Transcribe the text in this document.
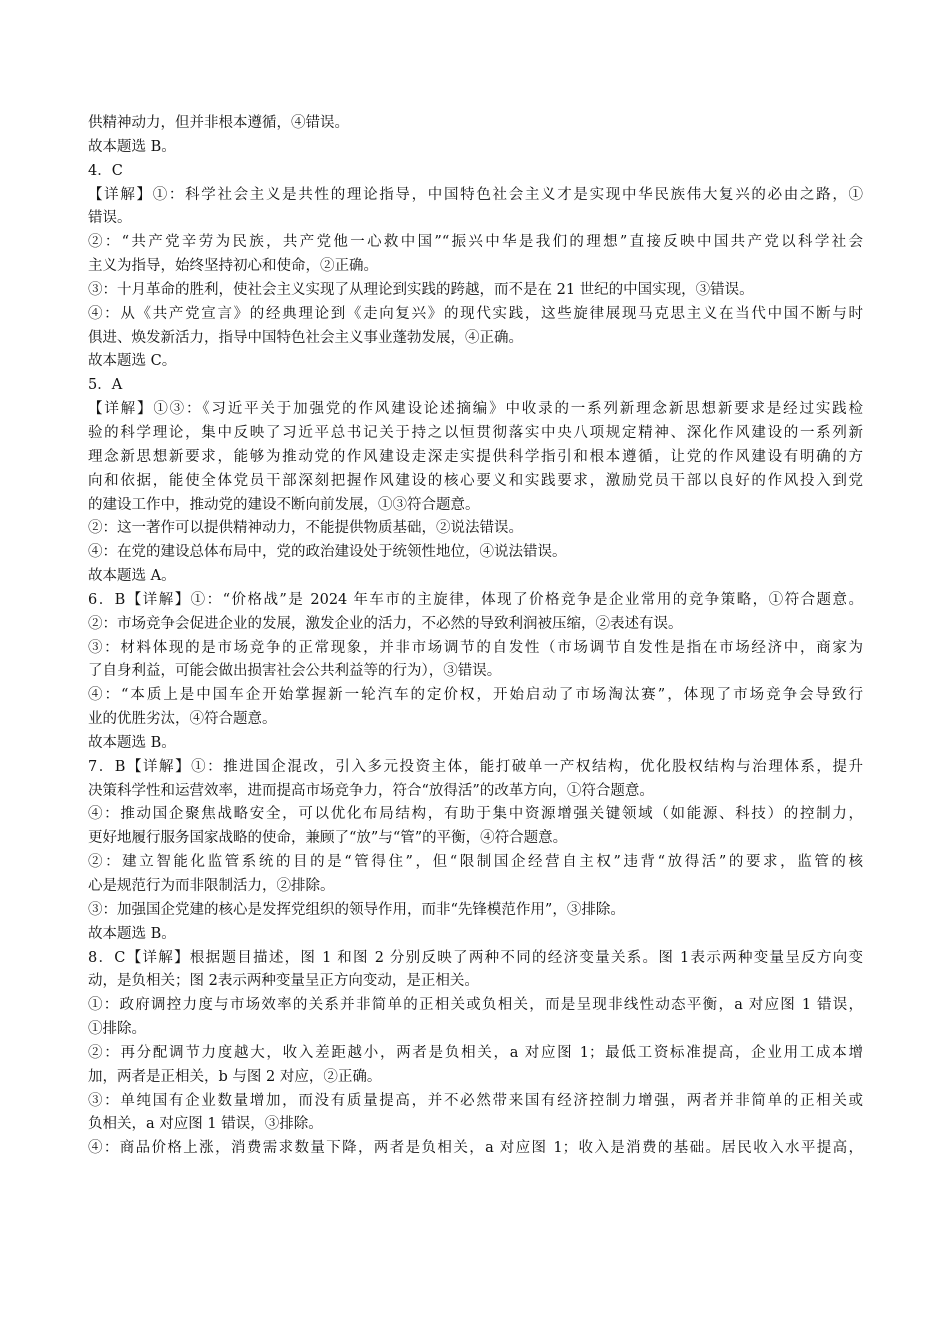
供精神动力，但并非根本遵循，④错误。
故本题选 B。
4．C
【详解】①：科学社会主义是共性的理论指导，中国特色社会主义才是实现中华民族伟大复兴的必由之路，①
错误。
②：“共产党辛劳为民族，共产党他一心救中国”“振兴中华是我们的理想”直接反映中国共产党以科学社会
主义为指导，始终坚持初心和使命，②正确。
③：十月革命的胜利，使社会主义实现了从理论到实践的跨越，而不是在 21 世纪的中国实现，③错误。
④：从《共产党宣言》的经典理论到《走向复兴》的现代实践，这些旋律展现马克思主义在当代中国不断与时
俱进、焕发新活力，指导中国特色社会主义事业蓬勃发展，④正确。
故本题选 C。
5．A
【详解】①③：《习近平关于加强党的作风建设论述摘编》中收录的一系列新理念新思想新要求是经过实践检
验的科学理论，集中反映了习近平总书记关于持之以恒贯彻落实中央八项规定精神、深化作风建设的一系列新
理念新思想新要求，能够为推动党的作风建设走深走实提供科学指引和根本遵循，让党的作风建设有明确的方
向和依据，能使全体党员干部深刻把握作风建设的核心要义和实践要求，激励党员干部以良好的作风投入到党
的建设工作中，推动党的建设不断向前发展，①③符合题意。
②：这一著作可以提供精神动力，不能提供物质基础，②说法错误。
④：在党的建设总体布局中，党的政治建设处于统领性地位，④说法错误。
故本题选 A。
6．B【详解】①：“价格战”是 2024 年车市的主旋律，体现了价格竞争是企业常用的竞争策略，①符合题意。
②：市场竞争会促进企业的发展，激发企业的活力，不必然的导致利润被压缩，②表述有误。
③：材料体现的是市场竞争的正常现象，并非市场调节的自发性（市场调节自发性是指在市场经济中，商家为
了自身利益，可能会做出损害社会公共利益等的行为），③错误。
④：“本质上是中国车企开始掌握新一轮汽车的定价权，开始启动了市场淘汰赛”，体现了市场竞争会导致行
业的优胜劣汰，④符合题意。
故本题选 B。
7．B【详解】①：推进国企混改，引入多元投资主体，能打破单一产权结构，优化股权结构与治理体系，提升
决策科学性和运营效率，进而提高市场竞争力，符合“放得活”的改革方向，①符合题意。
④：推动国企聚焦战略安全，可以优化布局结构，有助于集中资源增强关键领域（如能源、科技）的控制力，
更好地履行服务国家战略的使命，兼顾了“放”与“管”的平衡，④符合题意。
②：建立智能化监管系统的目的是“管得住”，但“限制国企经营自主权”违背“放得活”的要求，监管的核
心是规范行为而非限制活力，②排除。
③：加强国企党建的核心是发挥党组织的领导作用，而非“先锋模范作用”，③排除。
故本题选 B。
8．C【详解】根据题目描述，图 1 和图 2 分别反映了两种不同的经济变量关系。图 1表示两种变量呈反方向变
动，是负相关；图 2表示两种变量呈正方向变动，是正相关。
①：政府调控力度与市场效率的关系并非简单的正相关或负相关，而是呈现非线性动态平衡，a 对应图 1 错误，
①排除。
②：再分配调节力度越大，收入差距越小，两者是负相关，a 对应图 1；最低工资标准提高，企业用工成本增
加，两者是正相关，b 与图 2 对应，②正确。
③：单纯国有企业数量增加，而没有质量提高，并不必然带来国有经济控制力增强，两者并非简单的正相关或
负相关，a 对应图 1 错误，③排除。
④：商品价格上涨，消费需求数量下降，两者是负相关，a 对应图 1；收入是消费的基础。居民收入水平提高，
